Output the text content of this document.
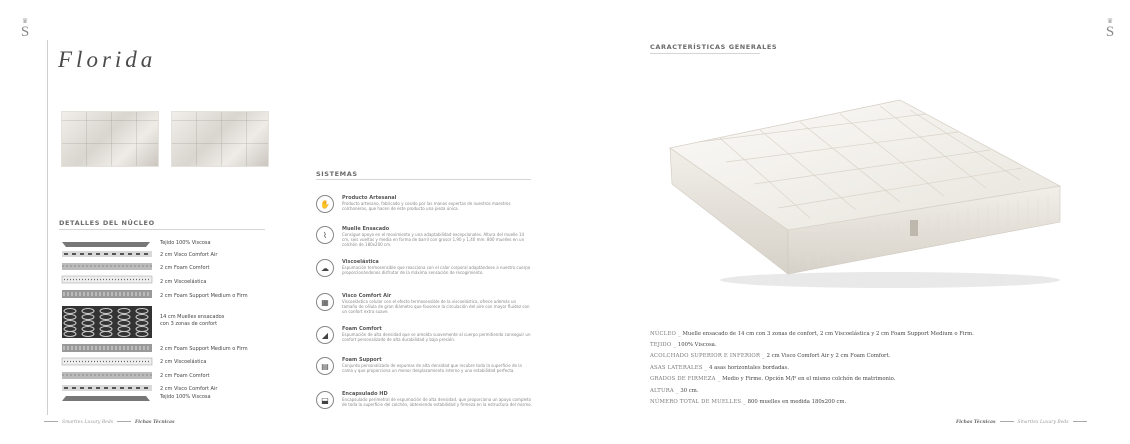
♛
S
Florida
DETALLES DEL NÚCLEO
Tejido 100% Viscosa
2 cm Visco Comfort Air
2 cm Foam Comfort
2 cm Viscoelástica
2 cm Foam Support Medium o Firm
14 cm Muelles ensacados
con 3 zonas de confort
2 cm Foam Support Medium o Firm
2 cm Viscoelástica
2 cm Foam Comfort
2 cm Visco Comfort Air
Tejido 100% Viscosa
SISTEMAS
✋
Producto Artesanal
Producto artesano, fabricado y cosido por las manos expertas de nuestros maestros colchoneros, que hacen de este producto una pieza única.
⌇
Muelle Ensacado
Consigue apoyo en el movimiento y una adaptabilidad excepcionales. Altura del muelle 14 cm, seis vueltas y media en forma de barril con grosor 1,90 y 1,40 mm. 800 muelles en un colchón de 180x200 cm.
☁
Viscoelástica
Espumación termosensible que reacciona con el calor corporal adaptándose a nuestro cuerpo proporcionándonos disfrutar de la máxima sensación de recogimiento.
▦
Visco Comfort Air
Viscoelástica celular con el efecto termosensible de la viscoelástica, ofrece además un tamaño de célula de gran diámetro que favorece la circulación del aire con mayor fluidez con un confort extra suave.
◢
Foam Comfort
Espumación de alta densidad que se amolda suavemente al cuerpo permitiendo conseguir un confort personalizado de alta durabilidad y baja presión.
▤
Foam Support
Conjunto personalizado de espumas de alta densidad que recubre toda la superficie de la cama y que proporciona un menor desplazamiento interno y una estabilidad perfecta.
⬓
Encapsulado HD
Encapsulado perimetral de espumación de alta densidad, que proporciona un apoyo completo de toda la superficie del colchón, obteniendo estabilidad y firmeza en la estructura del mismo.
Smarttex Luxury Beds	Fichas Técnicas
♛
S
CARACTERÍSTICAS GENERALES
NÚCLEO _ Muelle ensacado de 14 cm con 3 zonas de confort, 2 cm Viscoelástica y 2 cm Foam Support Medium o Firm.
TEJIDO _ 100% Viscosa.
ACOLCHADO SUPERIOR E INFERIOR _ 2 cm Visco Comfort Air y 2 cm Foam Comfort.
ASAS LATERALES _ 4 asas horizontales bordadas.
GRADOS DE FIRMEZA _ Medio y Firme. Opción M/F en el mismo colchón de matrimonio.
ALTURA _ 30 cm.
NÚMERO TOTAL DE MUELLES _ 800 muelles en medida 180x200 cm.
Fichas Técnicas	Smarttex Luxury Beds
